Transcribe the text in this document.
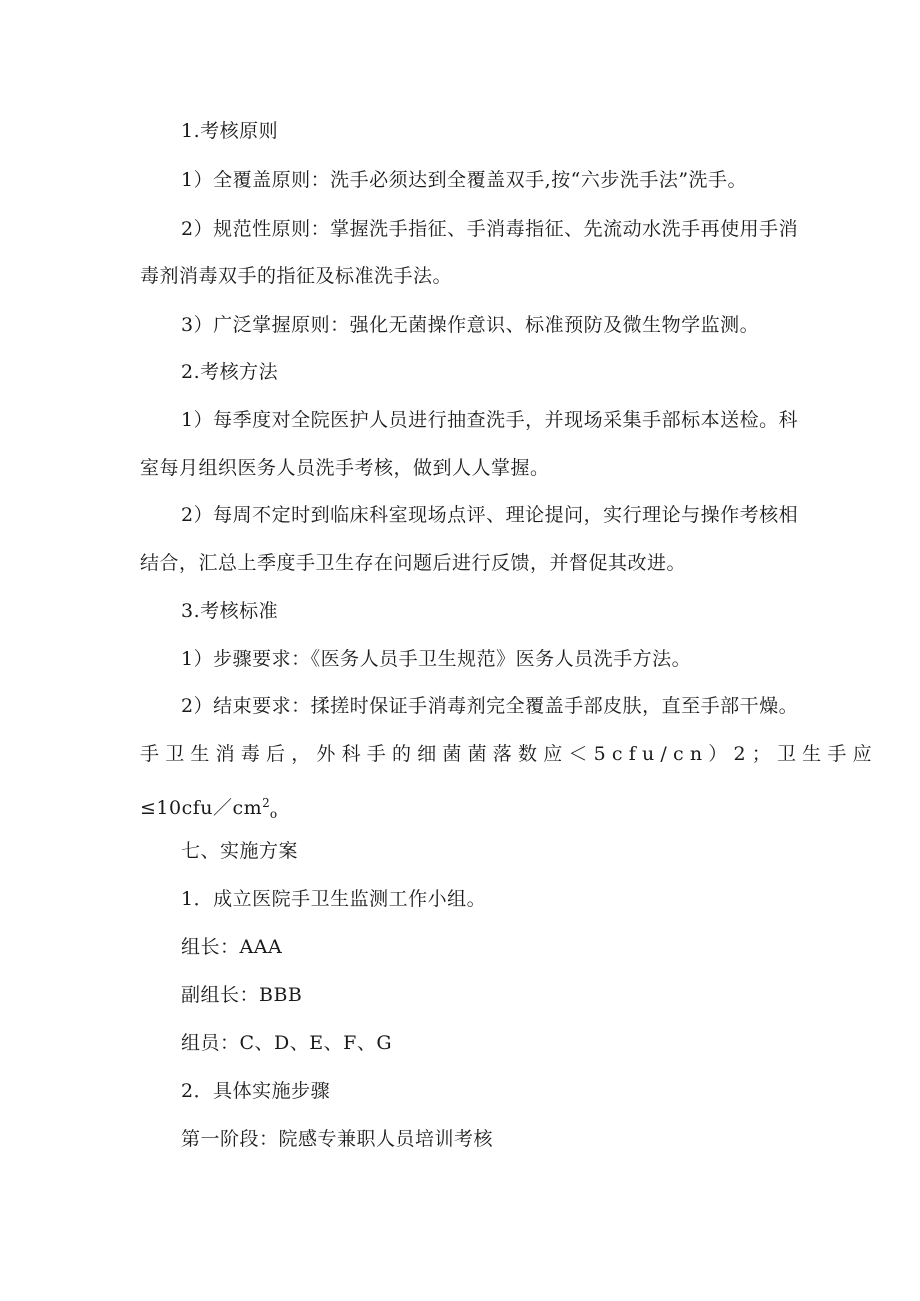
1.考核原则
1）全覆盖原则：洗手必须达到全覆盖双手,按“六步洗手法”洗手。
2）规范性原则：掌握洗手指征、手消毒指征、先流动水洗手再使用手消
毒剂消毒双手的指征及标准洗手法。
3）广泛掌握原则：强化无菌操作意识、标准预防及微生物学监测。
2.考核方法
1）每季度对全院医护人员进行抽查洗手，并现场采集手部标本送检。科
室每月组织医务人员洗手考核，做到人人掌握。
2）每周不定时到临床科室现场点评、理论提问，实行理论与操作考核相
结合，汇总上季度手卫生存在问题后进行反馈，并督促其改进。
3.考核标准
1）步骤要求：《医务人员手卫生规范》医务人员洗手方法。
2）结束要求：揉搓时保证手消毒剂完全覆盖手部皮肤，直至手部干燥。
手卫生消毒后，外科手的细菌菌落数应＜5cfu/cn）2；卫生手应
$\le 10cfu/cm^2_o$
七、实施方案
1．成立医院手卫生监测工作小组。
组长：AAA
副组长：BBB
组员：C、D、E、F、G
2．具体实施步骤
第一阶段：院感专兼职人员培训考核
